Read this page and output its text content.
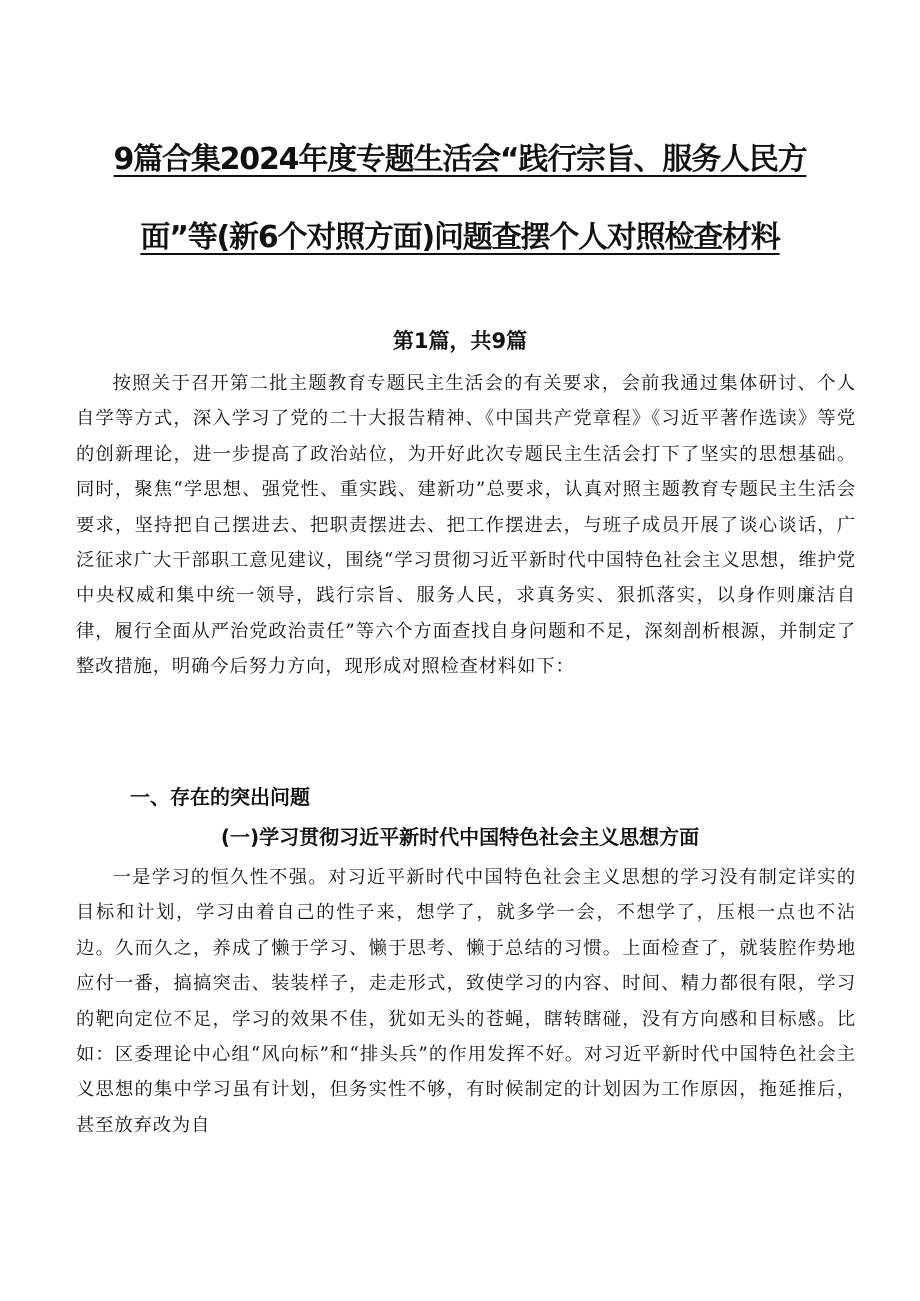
9篇合集2024年度专题生活会“践行宗旨、服务人民方
面”等(新6个对照方面)问题查摆个人对照检查材料
第1篇，共9篇

按照关于召开第二批主题教育专题民主生活会的有关要求，会前我通过集体研讨、个人自学等方式，深入学习了党的二十大报告精神、《中国共产党章程》《习近平著作选读》等党的创新理论，进一步提高了政治站位，为开好此次专题民主生活会打下了坚实的思想基础。同时，聚焦“学思想、强党性、重实践、建新功”总要求，认真对照主题教育专题民主生活会要求，坚持把自己摆进去、把职责摆进去、把工作摆进去，与班子成员开展了谈心谈话，广泛征求广大干部职工意见建议，围绕“学习贯彻习近平新时代中国特色社会主义思想，维护党中央权威和集中统一领导，践行宗旨、服务人民，求真务实、狠抓落实，以身作则廉洁自律，履行全面从严治党政治责任”等六个方面查找自身问题和不足，深刻剖析根源，并制定了整改措施，明确今后努力方向，现形成对照检查材料如下：

一、存在的突出问题
(一)学习贯彻习近平新时代中国特色社会主义思想方面

一是学习的恒久性不强。对习近平新时代中国特色社会主义思想的学习没有制定详实的目标和计划，学习由着自己的性子来，想学了，就多学一会，不想学了，压根一点也不沾边。久而久之，养成了懒于学习、懒于思考、懒于总结的习惯。上面检查了，就装腔作势地应付一番，搞搞突击、装装样子，走走形式，致使学习的内容、时间、精力都很有限，学习的靶向定位不足，学习的效果不佳，犹如无头的苍蝇，瞎转瞎碰，没有方向感和目标感。比如：区委理论中心组“风向标”和“排头兵”的作用发挥不好。对习近平新时代中国特色社会主义思想的集中学习虽有计划，但务实性不够，有时候制定的计划因为工作原因，拖延推后，甚至放弃改为自
